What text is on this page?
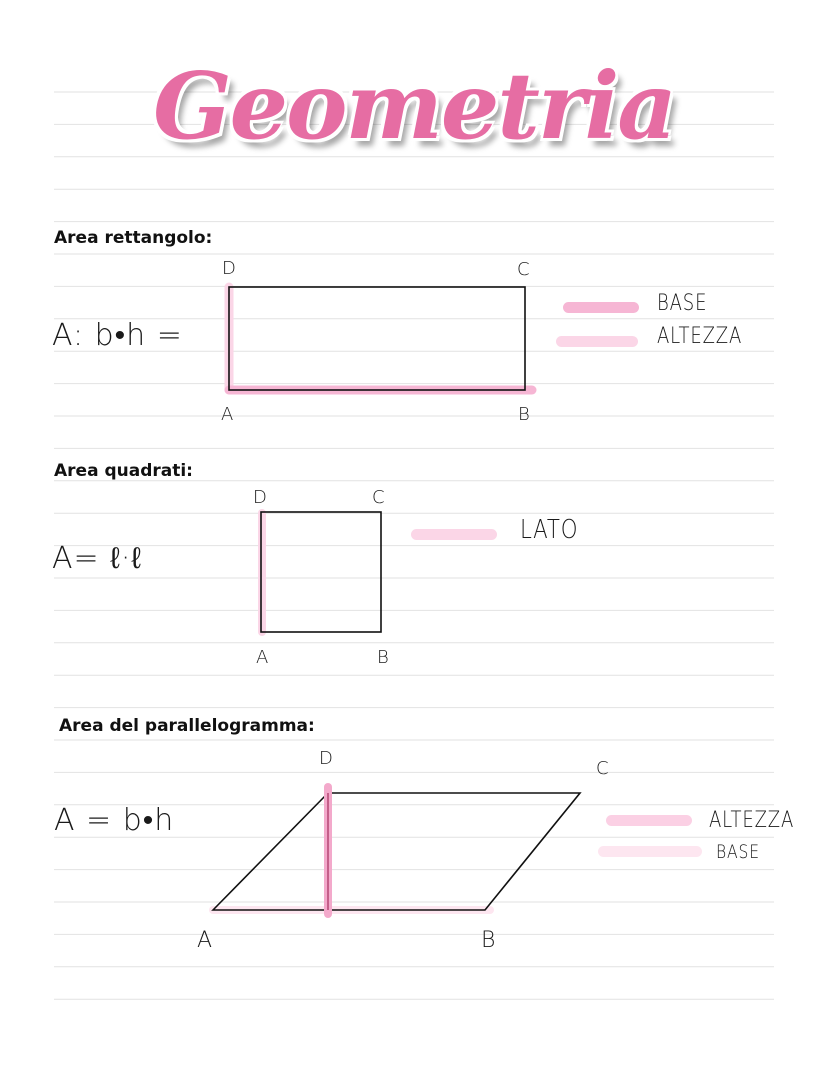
Geometria
Area rettangolo:
A: b•h =
D	C
A	B
BASE
ALTEZZA
Area quadrati:
A= ℓ·ℓ
D	C
A	B
LATO
Area del parallelogramma:
A = b•h
D	C
A	B
ALTEZZA
BASE
